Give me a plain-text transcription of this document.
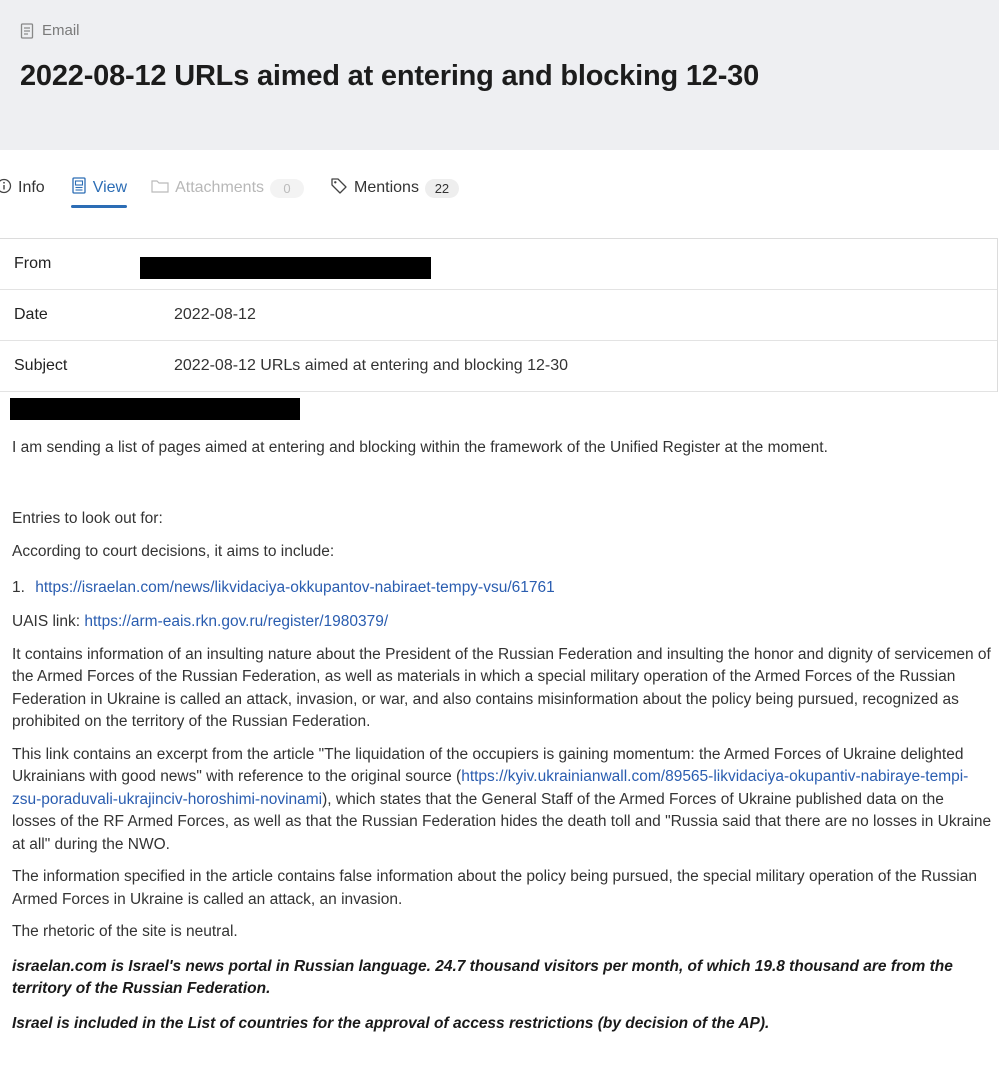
Email
2022-08-12 URLs aimed at entering and blocking 12-30
Info	View	Attachments	0	Mentions	22
From
Date	2022-08-12
Subject	2022-08-12 URLs aimed at entering and blocking 12-30

I am sending a list of pages aimed at entering and blocking within the framework of the Unified Register at the moment.

Entries to look out for:

According to court decisions, it aims to include:

1. https://israelan.com/news/likvidaciya-okkupantov-nabiraet-tempy-vsu/61761

UAIS link: https://arm-eais.rkn.gov.ru/register/1980379/

It contains information of an insulting nature about the President of the Russian Federation and insulting the honor and dignity of servicemen of the Armed Forces of the Russian Federation, as well as materials in which a special military operation of the Armed Forces of the Russian Federation in Ukraine is called an attack, invasion, or war, and also contains misinformation about the policy being pursued, recognized as prohibited on the territory of the Russian Federation.

This link contains an excerpt from the article "The liquidation of the occupiers is gaining momentum: the Armed Forces of Ukraine delighted Ukrainians with good news" with reference to the original source (https://kyiv.ukrainianwall.com/89565-likvidaciya-okupantiv-nabiraye-tempi-zsu-poraduvali-ukrajinciv-horoshimi-novinami), which states that the General Staff of the Armed Forces of Ukraine published data on the losses of the RF Armed Forces, as well as that the Russian Federation hides the death toll and "Russia said that there are no losses in Ukraine at all" during the NWO.

The information specified in the article contains false information about the policy being pursued, the special military operation of the Russian Armed Forces in Ukraine is called an attack, an invasion.

The rhetoric of the site is neutral.

israelan.com is Israel's news portal in Russian language. 24.7 thousand visitors per month, of which 19.8 thousand are from the territory of the Russian Federation.

Israel is included in the List of countries for the approval of access restrictions (by decision of the AP).
